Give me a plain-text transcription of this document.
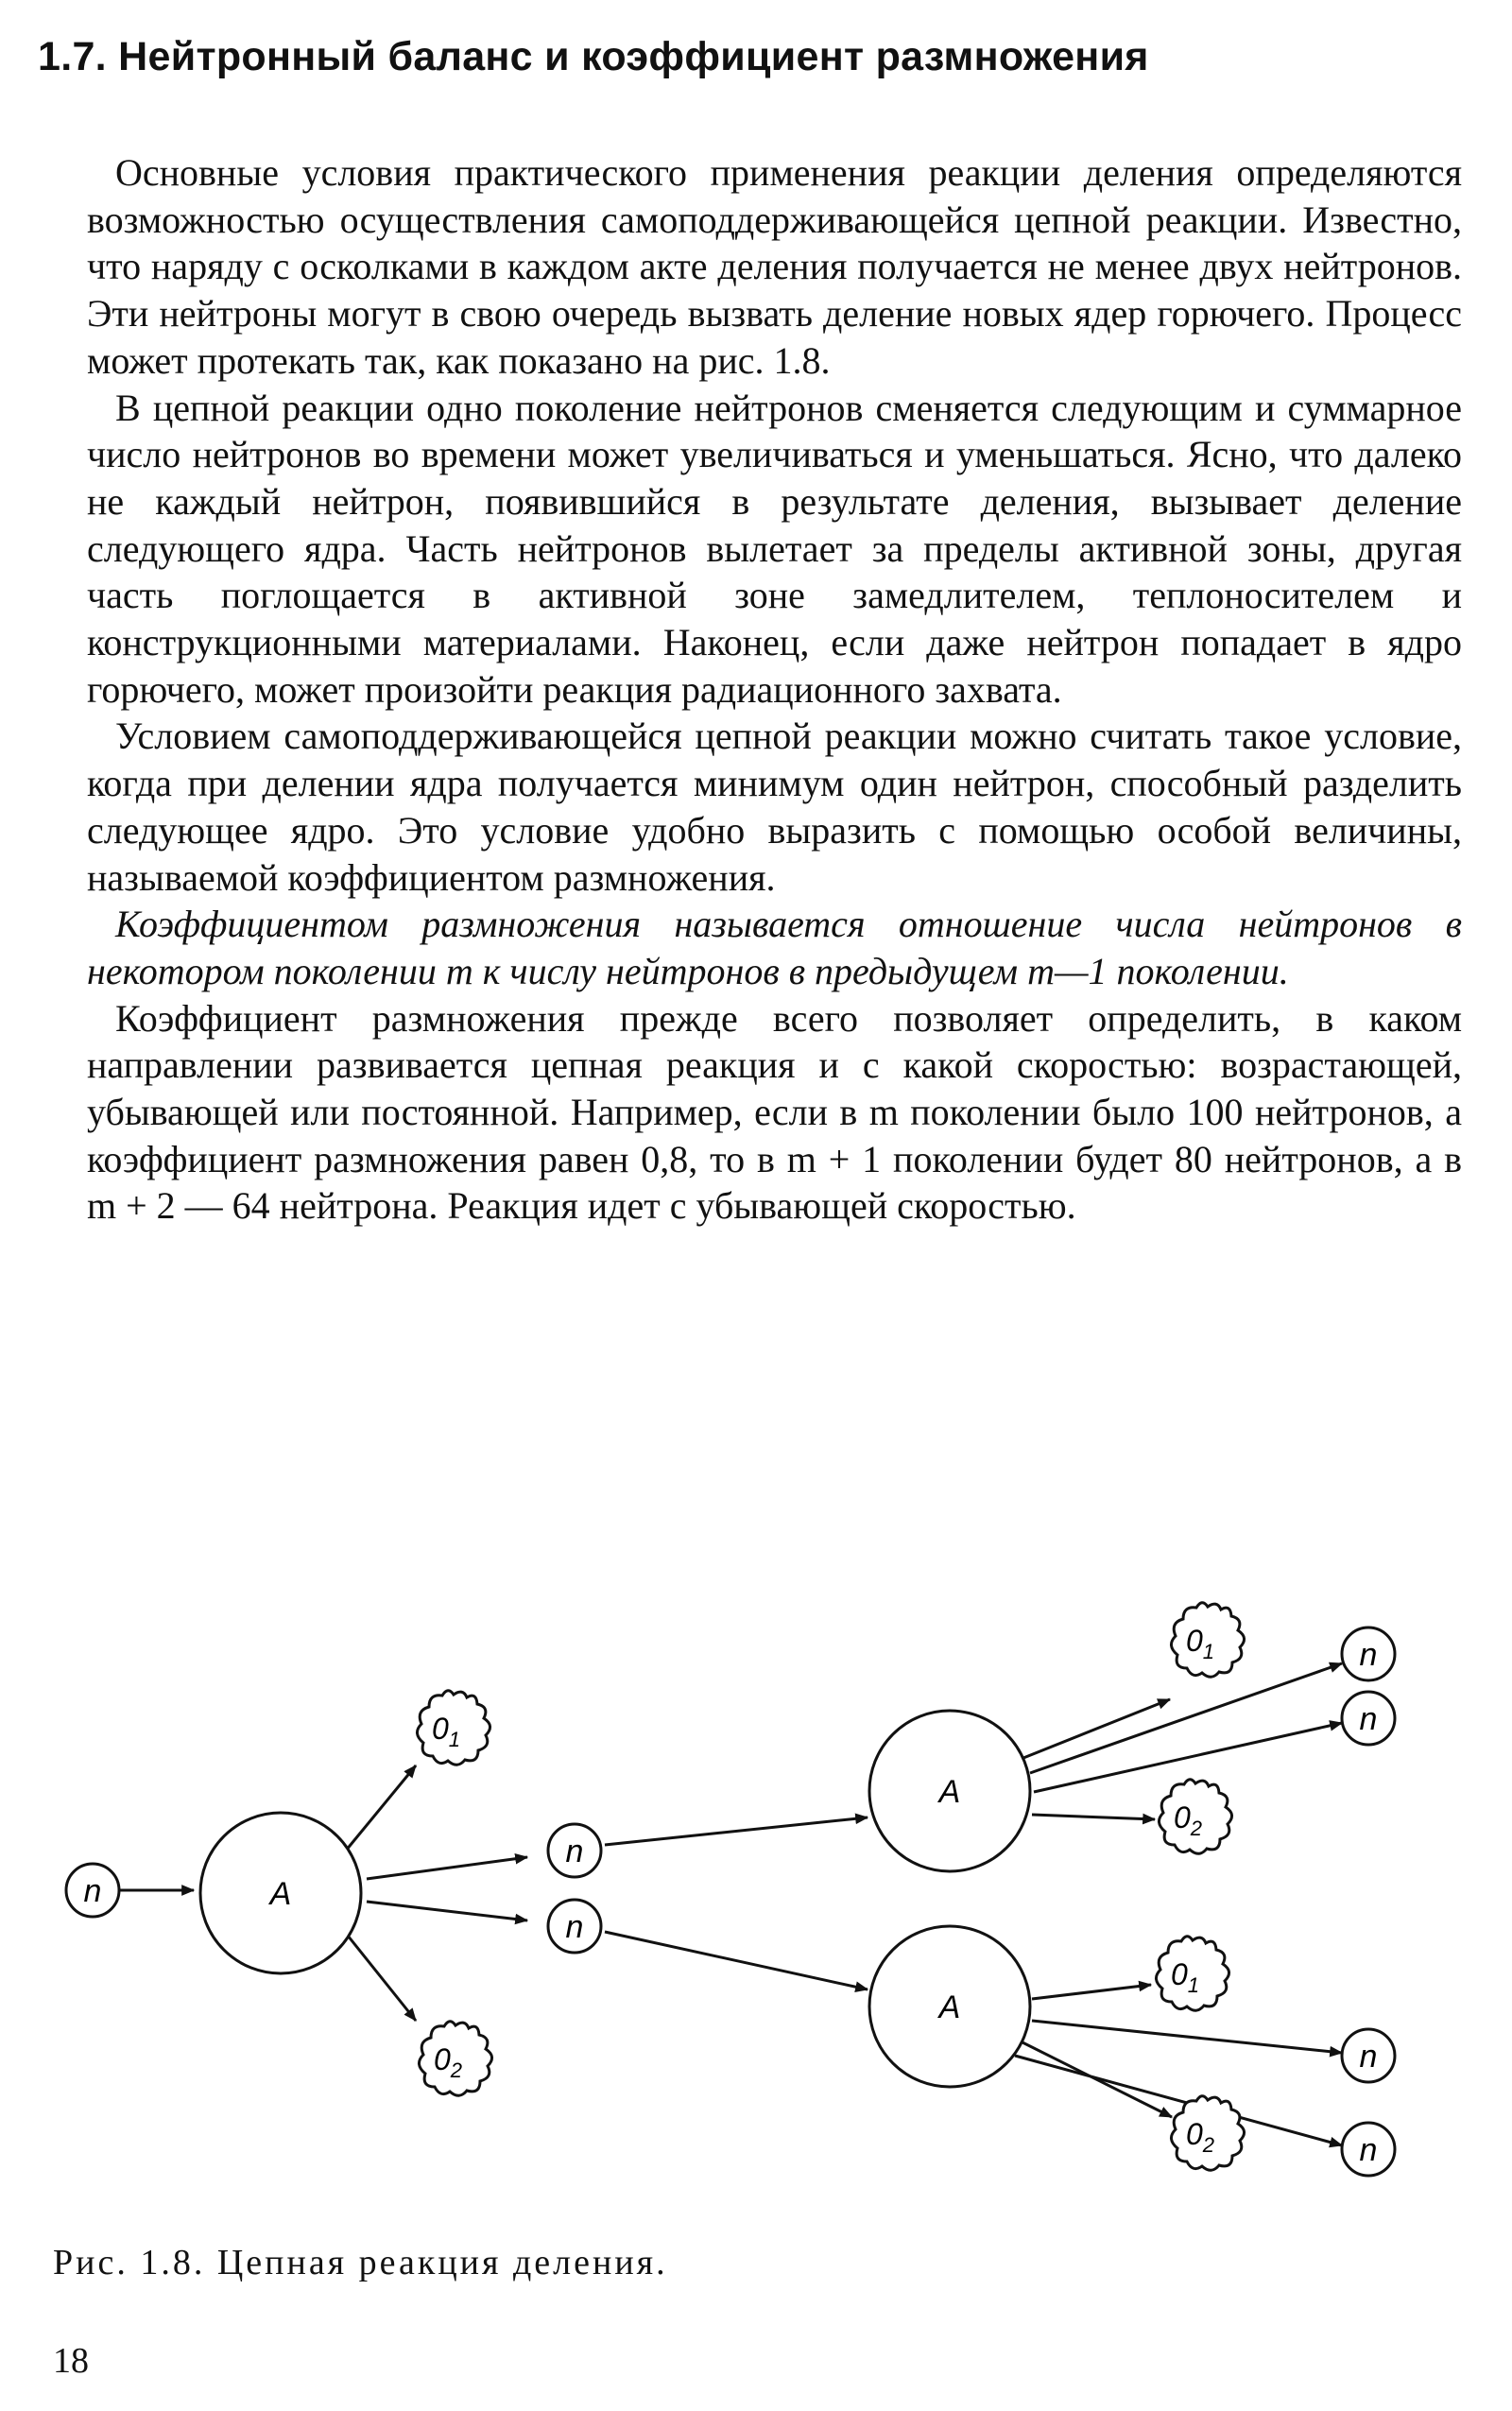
1.7. Нейтронный баланс и коэффициент размножения

Основные условия практического применения реакции деления определяются возможностью осуществления самоподдерживающейся цепной реакции. Известно, что наряду с осколками в каждом акте деления получается не менее двух нейтронов. Эти нейтроны могут в свою очередь вызвать деление новых ядер горючего. Процесс может протекать так, как показано на рис. 1.8.

В цепной реакции одно поколение нейтронов сменяется следующим и суммарное число нейтронов во времени может увеличиваться и уменьшаться. Ясно, что далеко не каждый нейтрон, появившийся в результате деления, вызывает деление следующего ядра. Часть нейтронов вылетает за пределы активной зоны, другая часть поглощается в активной зоне замедлителем, теплоносителем и конструкционными материалами. Наконец, если даже нейтрон попадает в ядро горючего, может произойти реакция радиационного захвата.

Условием самоподдерживающейся цепной реакции можно считать такое условие, когда при делении ядра получается минимум один нейтрон, способный разделить следующее ядро. Это условие удобно выразить с помощью особой величины, называемой коэффициентом размножения.

Коэффициентом размножения называется отношение числа нейтронов в некотором поколении m к числу нейтронов в предыдущем m—1 поколении.

Коэффициент размножения прежде всего позволяет определить, в каком направлении развивается цепная реакция и с какой скоростью: возрастающей, убывающей или постоянной. Например, если в m поколении было 100 нейтронов, а коэффициент размножения равен 0,8, то в m + 1 поколении будет 80 нейтронов, а в m + 2 — 64 нейтрона. Реакция идет с убывающей скоростью.

n	A
$0_1$
$0_2$
n
n
A
A
$0_1$
$0_2$
$0_1$
$0_2$
n
n
n
n

Рис. 1.8. Цепная реакция деления.

18
